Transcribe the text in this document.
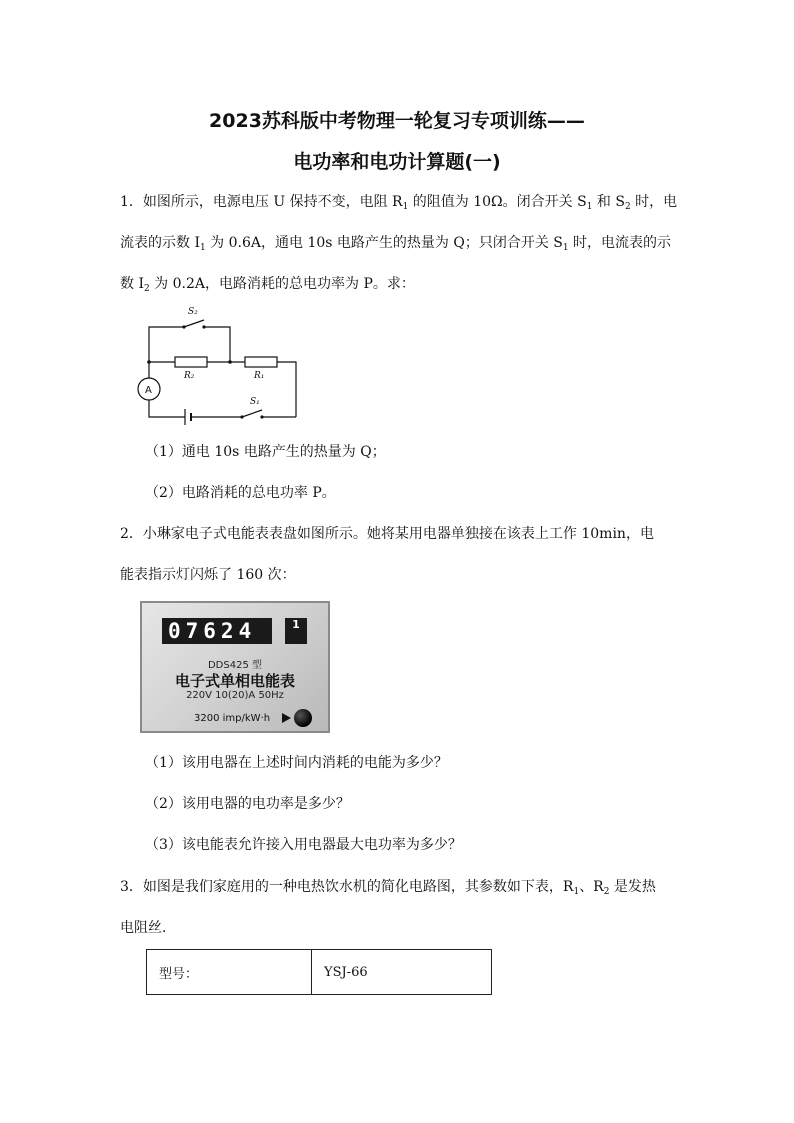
2023苏科版中考物理一轮复习专项训练——
电功率和电功计算题(一)
1．如图所示，电源电压 U 保持不变，电阻 $R_1$ 的阻值为 10Ω。闭合开关 $S_1$ 和 $S_2$ 时，电
流表的示数 $I_1$ 为 0.6A，通电 10s 电路产生的热量为 Q；只闭合开关 $S_1$ 时，电流表的示
数 $I_2$ 为 0.2A，电路消耗的总电功率为 P。求：
S₂
R₂	R₁
S₁
A
（1）通电 10s 电路产生的热量为 Q；
（2）电路消耗的总电功率 P。
2．小琳家电子式电能表表盘如图所示。她将某用电器单独接在该表上工作 10min，电
能表指示灯闪烁了 160 次：
07624	1
DDS425 型
电子式单相电能表
220V 10(20)A 50Hz
3200 imp/kW·h
（1）该用电器在上述时间内消耗的电能为多少？
（2）该用电器的电功率是多少？
（3）该电能表允许接入用电器最大电功率为多少？
3．如图是我们家庭用的一种电热饮水机的简化电路图，其参数如下表，$R_1$、$R_2$ 是发热
电阻丝．
型号：	YSJ-66
